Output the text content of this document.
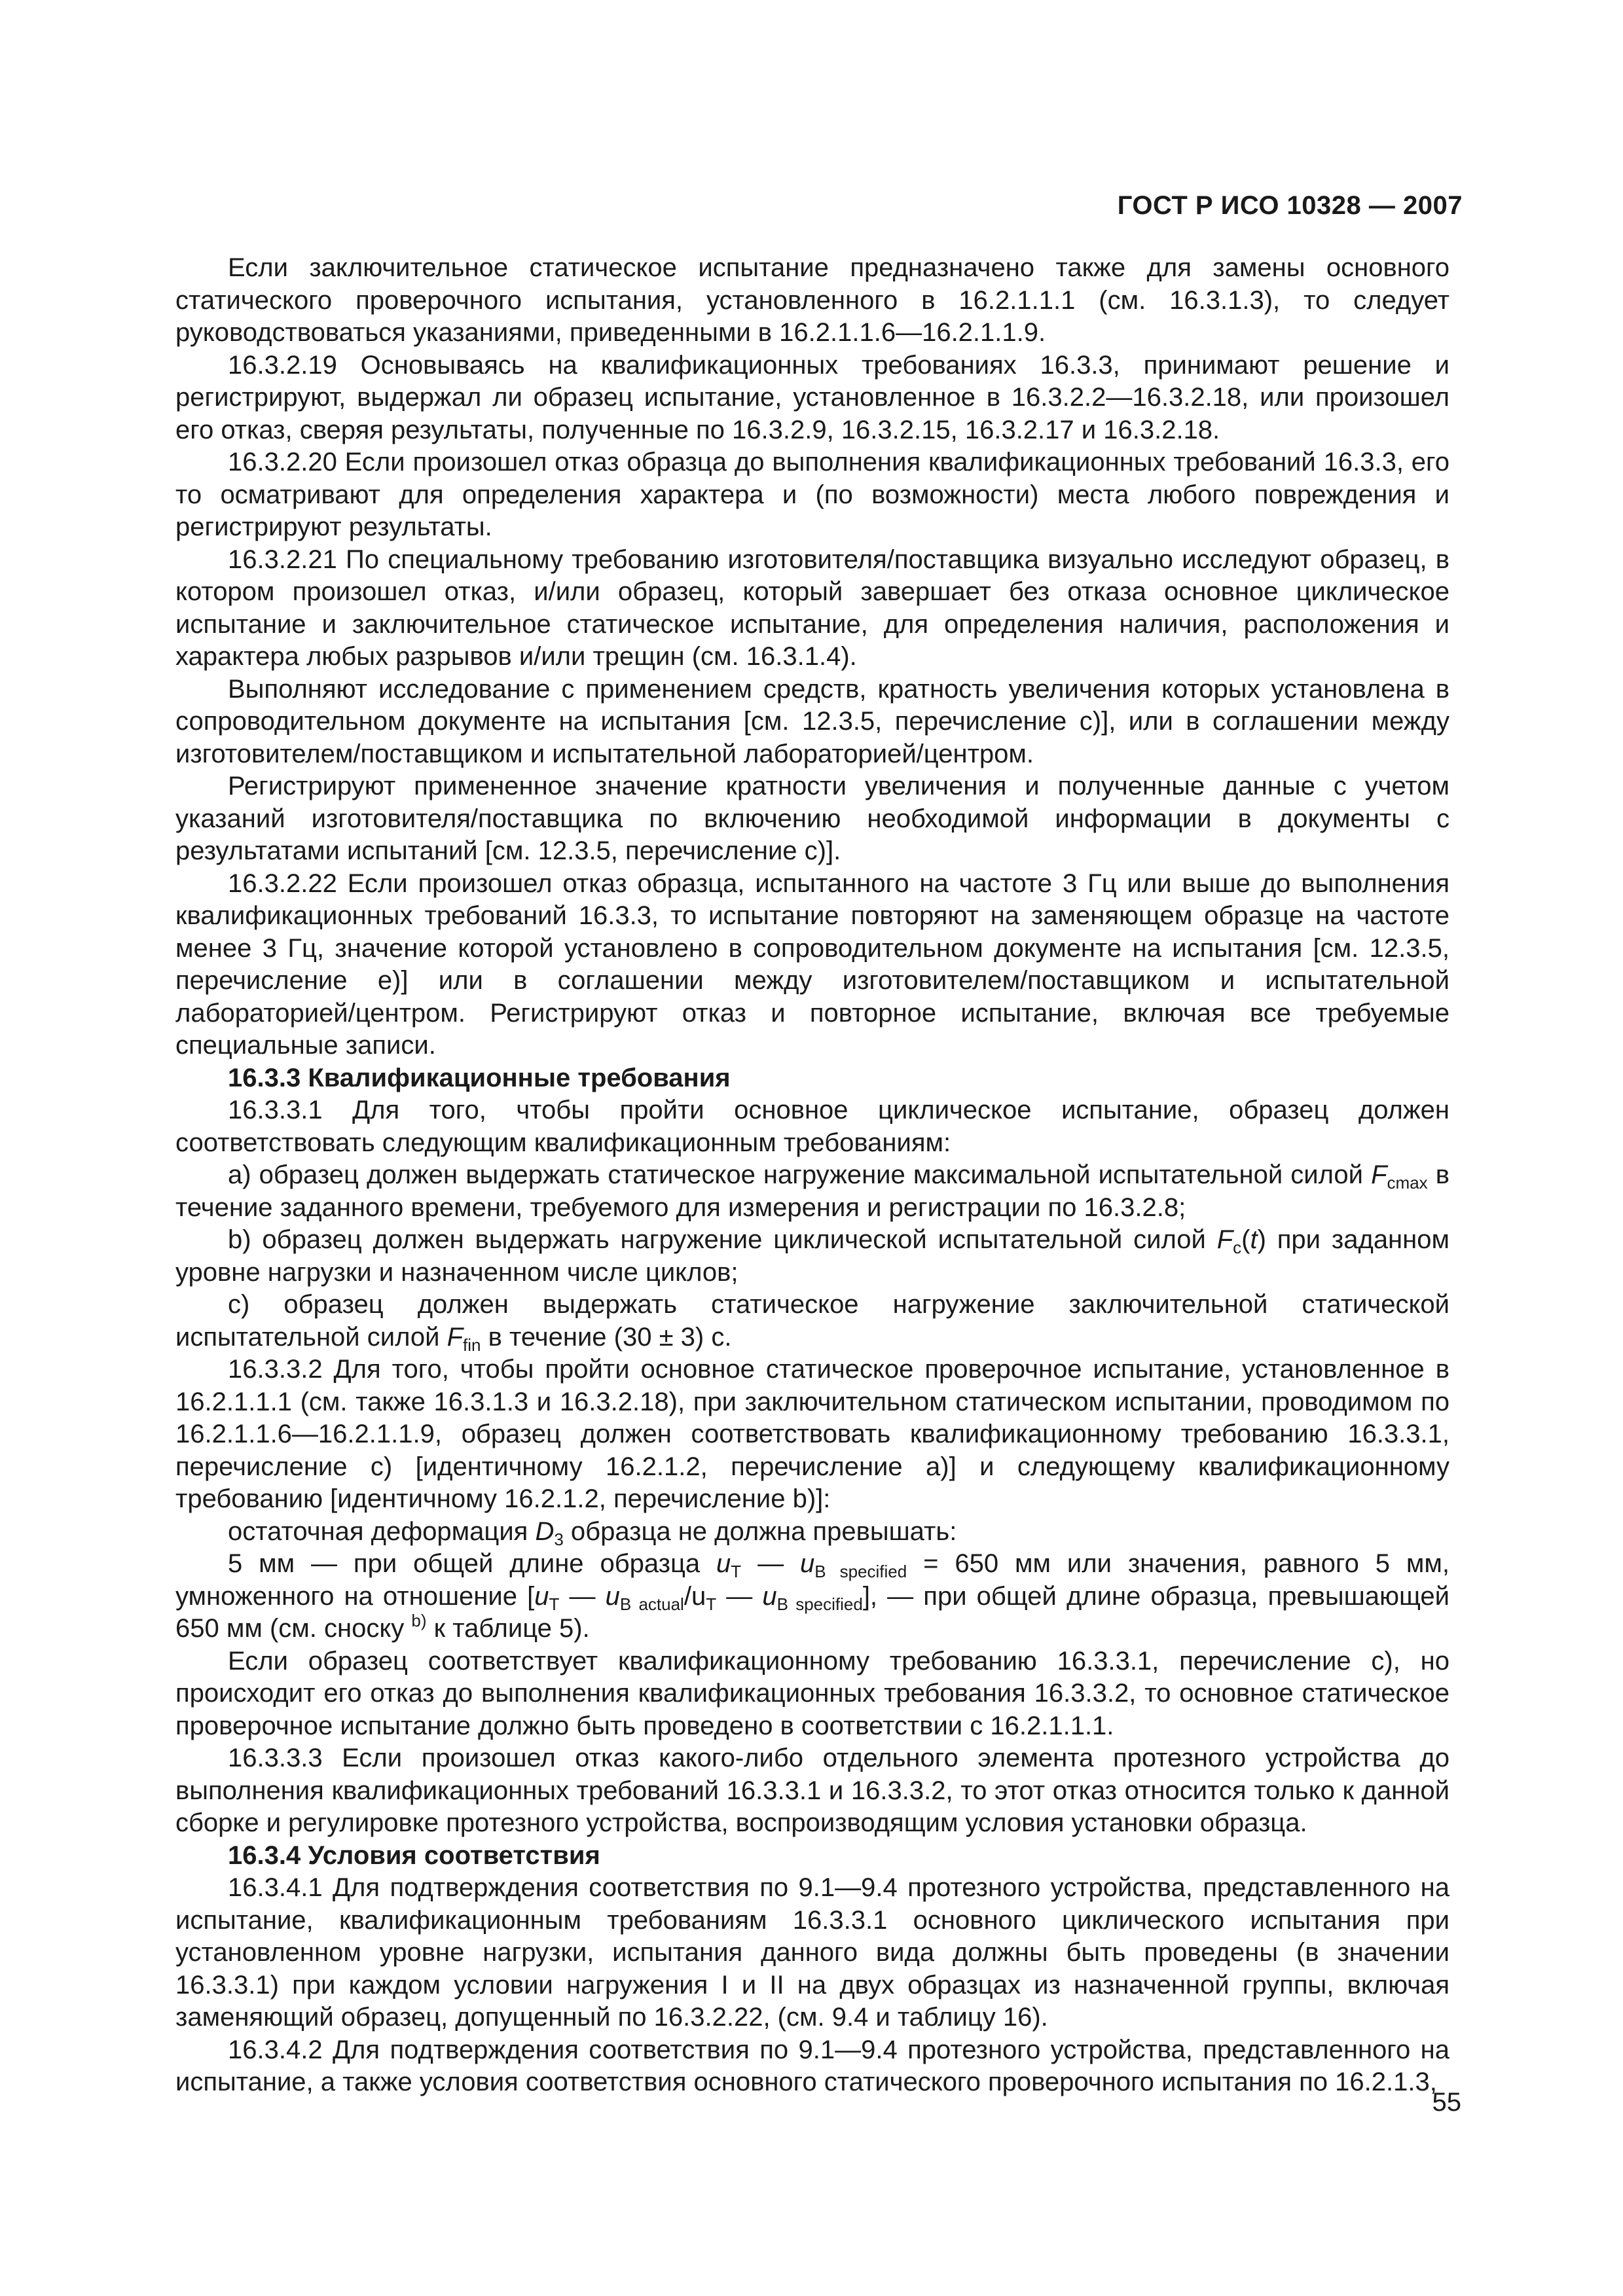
ГОСТ Р ИСО 10328 — 2007

Если заключительное статическое испытание предназначено также для замены основного статического проверочного испытания, установленного в 16.2.1.1.1 (см. 16.3.1.3), то следует руководствоваться указаниями, приведенными в 16.2.1.1.6—16.2.1.1.9.

16.3.2.19 Основываясь на квалификационных требованиях 16.3.3, принимают решение и регистрируют, выдержал ли образец испытание, установленное в 16.3.2.2—16.3.2.18, или произошел его отказ, сверяя результаты, полученные по 16.3.2.9, 16.3.2.15, 16.3.2.17 и 16.3.2.18.

16.3.2.20 Если произошел отказ образца до выполнения квалификационных требований 16.3.3, его то осматривают для определения характера и (по возможности) места любого повреждения и регистрируют результаты.

16.3.2.21 По специальному требованию изготовителя/поставщика визуально исследуют образец, в котором произошел отказ, и/или образец, который завершает без отказа основное циклическое испытание и заключительное статическое испытание, для определения наличия, расположения и характера любых разрывов и/или трещин (см. 16.3.1.4).

Выполняют исследование с применением средств, кратность увеличения которых установлена в сопроводительном документе на испытания [см. 12.3.5, перечисление c)], или в соглашении между изготовителем/поставщиком и испытательной лабораторией/центром.

Регистрируют примененное значение кратности увеличения и полученные данные с учетом указаний изготовителя/поставщика по включению необходимой информации в документы с результатами испытаний [см. 12.3.5, перечисление c)].

16.3.2.22 Если произошел отказ образца, испытанного на частоте 3 Гц или выше до выполнения квалификационных требований 16.3.3, то испытание повторяют на заменяющем образце на частоте менее 3 Гц, значение которой установлено в сопроводительном документе на испытания [см. 12.3.5, перечисление e)] или в соглашении между изготовителем/поставщиком и испытательной лабораторией/центром. Регистрируют отказ и повторное испытание, включая все требуемые специальные записи.

16.3.3 Квалификационные требования

16.3.3.1 Для того, чтобы пройти основное циклическое испытание, образец должен соответствовать следующим квалификационным требованиям:

а) образец должен выдержать статическое нагружение максимальной испытательной силой $F_{cmax}$ в течение заданного времени, требуемого для измерения и регистрации по 16.3.2.8;

b) образец должен выдержать нагружение циклической испытательной силой $F_c(t)$ при заданном уровне нагрузки и назначенном числе циклов;

c) образец должен выдержать статическое нагружение заключительной статической испытательной силой $F_{fin}$ в течение (30 ± 3) с.

16.3.3.2 Для того, чтобы пройти основное статическое проверочное испытание, установленное в 16.2.1.1.1 (см. также 16.3.1.3 и 16.3.2.18), при заключительном статическом испытании, проводимом по 16.2.1.1.6—16.2.1.1.9, образец должен соответствовать квалификационному требованию 16.3.3.1, перечисление c) [идентичному 16.2.1.2, перечисление a)] и следующему квалификационному требованию [идентичному 16.2.1.2, перечисление b)]:

остаточная деформация $D_3$ образца не должна превышать:

5 мм — при общей длине образца $u_T$ — $u_{B specified} = 650$ мм или значения, равного 5 мм, умноженного на отношение [$u_T$ — $u_{B actual}/u_T$ — $u_{B specified}$], — при общей длине образца, превышающей 650 мм (см. сноску $^{b)}$ к таблице 5).

Если образец соответствует квалификационному требованию 16.3.3.1, перечисление c), но происходит его отказ до выполнения квалификационных требования 16.3.3.2, то основное статическое проверочное испытание должно быть проведено в соответствии с 16.2.1.1.1.

16.3.3.3 Если произошел отказ какого-либо отдельного элемента протезного устройства до выполнения квалификационных требований 16.3.3.1 и 16.3.3.2, то этот отказ относится только к данной сборке и регулировке протезного устройства, воспроизводящим условия установки образца.

16.3.4 Условия соответствия

16.3.4.1 Для подтверждения соответствия по 9.1—9.4 протезного устройства, представленного на испытание, квалификационным требованиям 16.3.3.1 основного циклического испытания при установленном уровне нагрузки, испытания данного вида должны быть проведены (в значении 16.3.3.1) при каждом условии нагружения I и II на двух образцах из назначенной группы, включая заменяющий образец, допущенный по 16.3.2.22, (см. 9.4 и таблицу 16).

16.3.4.2 Для подтверждения соответствия по 9.1—9.4 протезного устройства, представленного на испытание, а также условия соответствия основного статического проверочного испытания по 16.2.1.3,

55
